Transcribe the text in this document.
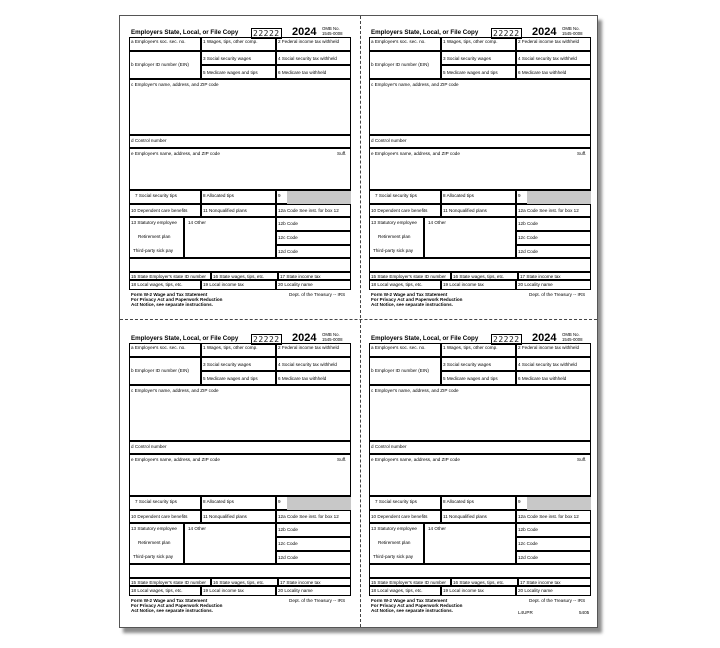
Employers State, Local, or File Copy 22222 2024 OMB No.
1545-0008
a Employee's soc. sec. no.	1 Wages, tips, other comp.	2 Federal income tax withheld
b Employer ID number (EIN)
3 Social security wages	4 Social security tax withheld
5 Medicare wages and tips	6 Medicare tax withheld
c Employer's name, address, and ZIP code
d Control number
e Employee's name, address, and ZIP code	Suff.
7 Social security tips	8 Allocated tips	9
10 Dependent care benefits	11 Nonqualified plans	12a Code See inst. for box 12
13 Statutory employee
Retirement plan
Third-party sick pay
14 Other	12b Code
12c Code
12d Code
15 State Employer's state ID number 16 State wages, tips, etc.	17 State income tax
18 Local wages, tips, etc.	19 Local income tax	20 Locality name
Form W-2 Wage and Tax Statement
For Privacy Act and Paperwork Reduction
Act Notice, see separate instructions.
Dept. of the Treasury -- IRS
Employers State, Local, or File Copy 22222 2024 OMB No.
1545-0008
a Employee's soc. sec. no.	1 Wages, tips, other comp.	2 Federal income tax withheld
b Employer ID number (EIN)
3 Social security wages	4 Social security tax withheld
5 Medicare wages and tips	6 Medicare tax withheld
c Employer's name, address, and ZIP code
d Control number
e Employee's name, address, and ZIP code	Suff.
7 Social security tips	8 Allocated tips	9
10 Dependent care benefits	11 Nonqualified plans	12a Code See inst. for box 12
13 Statutory employee
Retirement plan
Third-party sick pay
14 Other	12b Code
12c Code
12d Code
15 State Employer's state ID number 16 State wages, tips, etc.	17 State income tax
18 Local wages, tips, etc.	19 Local income tax	20 Locality name
Form W-2 Wage and Tax Statement
For Privacy Act and Paperwork Reduction
Act Notice, see separate instructions.
Dept. of the Treasury -- IRS
Employers State, Local, or File Copy 22222 2024 OMB No.
1545-0008
a Employee's soc. sec. no.	1 Wages, tips, other comp.	2 Federal income tax withheld
b Employer ID number (EIN)
3 Social security wages	4 Social security tax withheld
5 Medicare wages and tips	6 Medicare tax withheld
c Employer's name, address, and ZIP code
d Control number
e Employee's name, address, and ZIP code	Suff.
7 Social security tips	8 Allocated tips	9
10 Dependent care benefits	11 Nonqualified plans	12a Code See inst. for box 12
13 Statutory employee
Retirement plan
Third-party sick pay
14 Other	12b Code
12c Code
12d Code
15 State Employer's state ID number 16 State wages, tips, etc.	17 State income tax
18 Local wages, tips, etc.	19 Local income tax	20 Locality name
Form W-2 Wage and Tax Statement
For Privacy Act and Paperwork Reduction
Act Notice, see separate instructions.
Dept. of the Treasury -- IRS
Employers State, Local, or File Copy 22222 2024 OMB No.
1545-0008
a Employee's soc. sec. no.	1 Wages, tips, other comp.	2 Federal income tax withheld
b Employer ID number (EIN)
3 Social security wages	4 Social security tax withheld
5 Medicare wages and tips	6 Medicare tax withheld
c Employer's name, address, and ZIP code
d Control number
e Employee's name, address, and ZIP code	Suff.
7 Social security tips	8 Allocated tips	9
10 Dependent care benefits	11 Nonqualified plans	12a Code See inst. for box 12
13 Statutory employee
Retirement plan
Third-party sick pay
14 Other	12b Code
12c Code
12d Code
15 State Employer's state ID number 16 State wages, tips, etc.	17 State income tax
18 Local wages, tips, etc.	19 Local income tax	20 Locality name
Form W-2 Wage and Tax Statement
For Privacy Act and Paperwork Reduction
Act Notice, see separate instructions.
Dept. of the Treasury -- IRS
L4UPR	5405
